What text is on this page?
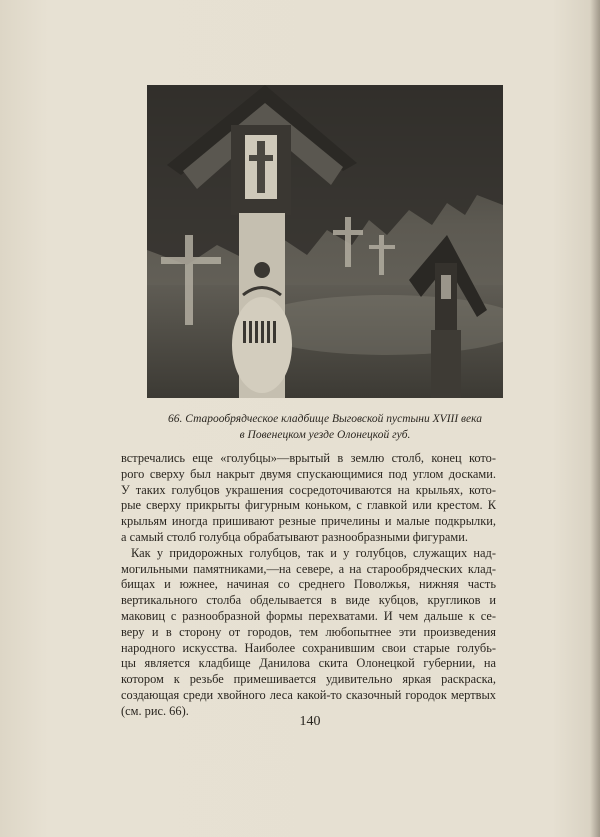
66. Старообрядческое кладбище Выговской пустыни XVIII века
в Повенецком уезде Олонецкой губ.
встречались еще «голубцы»—врытый в землю столб, конец кото-
рого сверху был накрыт двумя спускающимися под углом досками.
У таких голубцов украшения сосредоточиваются на крыльях, кото-
рые сверху прикрыты фигурным коньком, с главкой или крестом. К
крыльям иногда пришивают резные причелины и малые подкрылки,
а самый столб голубца обрабатывают разнообразными фигурами.
Как у придорожных голубцов, так и у голубцов, служащих над-
могильными памятниками,—на севере, а на старообрядческих клад-
бищах и южнее, начиная со среднего Поволжья, нижняя часть
вертикального столба обделывается в виде кубцов, кругликов и
маковиц с разнообразной формы перехватами. И чем дальше к се-
веру и в сторону от городов, тем любопытнее эти произведения
народного искусства. Наиболее сохранившим свои старые голубь-
цы является кладбище Данилова скита Олонецкой губернии, на
котором к резьбе примешивается удивительно яркая раскраска,
создающая среди хвойного леса какой-то сказочный городок мертвых
(см. рис. 66).
140
